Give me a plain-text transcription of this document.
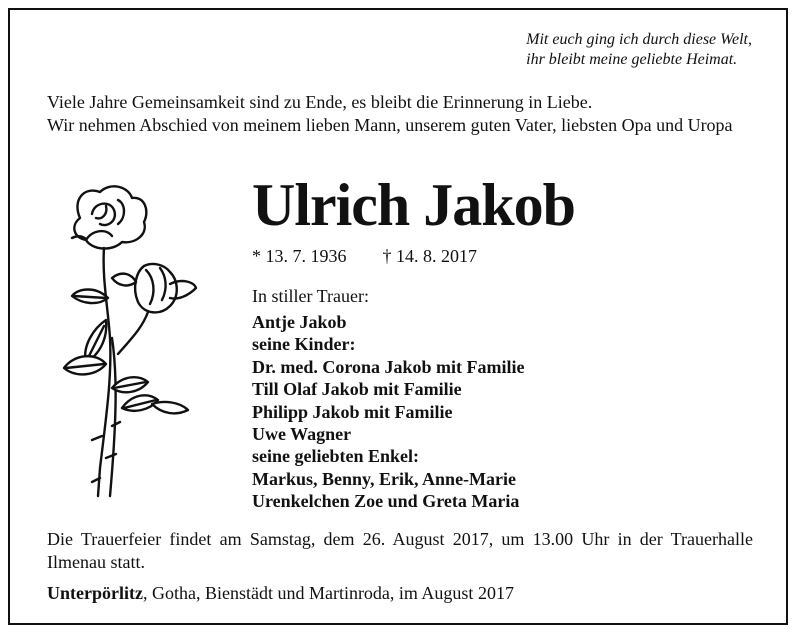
Mit euch ging ich durch diese Welt,
ihr bleibt meine geliebte Heimat.

Viele Jahre Gemeinsamkeit sind zu Ende, es bleibt die Erinnerung in Liebe.

Wir nehmen Abschied von meinem lieben Mann, unserem guten Vater, liebsten Opa und Uropa

Ulrich Jakob
* 13. 7. 1936 † 14. 8. 2017
In stiller Trauer:
Antje Jakob
seine Kinder:
Dr. med. Corona Jakob mit Familie
Till Olaf Jakob mit Familie
Philipp Jakob mit Familie
Uwe Wagner
seine geliebten Enkel:
Markus, Benny, Erik, Anne-Marie
Urenkelchen Zoe und Greta Maria
Die Trauerfeier findet am Samstag, dem 26. August 2017, um 13.00 Uhr in der Trauerhalle Ilmenau statt.
Unterpörlitz, Gotha, Bienstädt und Martinroda, im August 2017
